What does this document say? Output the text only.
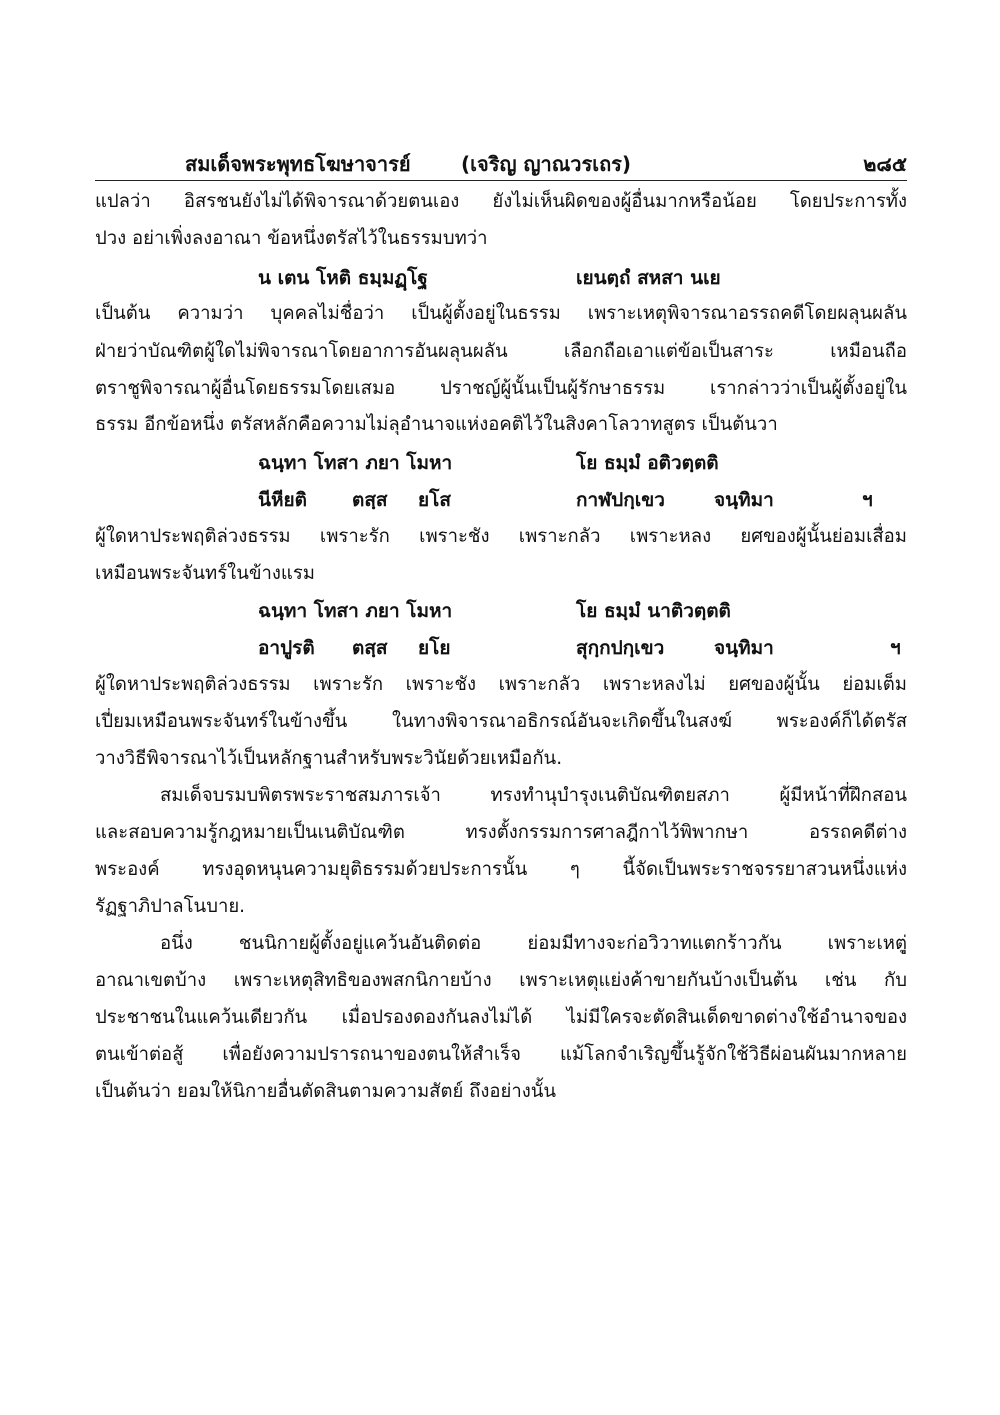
สมเด็จพระพุทธโฆษาจารย์	(เจริญ ญาณวรเถร)	๒๘๕
แปลว่า อิสรชนยังไม่ได้พิจารณาด้วยตนเอง ยังไม่เห็นผิดของผู้อื่นมากหรือน้อย โดยประการทั้ง
ปวง อย่าเพิ่งลงอาณา ข้อหนึ่งตรัสไว้ในธรรมบทว่า
น เตน โหติ ธมฺมฏฺโฐ	เยนตฺถํ สหสา นเย
เป็นต้น ความว่า บุคคลไม่ชื่อว่า เป็นผู้ตั้งอยู่ในธรรม เพราะเหตุพิจารณาอรรถคดีโดยผลุนผลัน
ฝ่ายว่าบัณฑิตผู้ใดไม่พิจารณาโดยอาการอันผลุนผลัน เลือกถือเอาแต่ข้อเป็นสาระ เหมือนถือ
ตราชูพิจารณาผู้อื่นโดยธรรมโดยเสมอ ปราชญ์ผู้นั้นเป็นผู้รักษาธรรม เรากล่าวว่าเป็นผู้ตั้งอยู่ใน
ธรรม อีกข้อหนึ่ง ตรัสหลักคือความไม่ลุอำนาจแห่งอคติไว้ในสิงคาโลวาทสูตร เป็นต้นวา
ฉนฺทา โทสา ภยา โมหา	โย ธมฺมํ อติวตฺตติ
นีหียติ ตสฺส ยโส	กาฬปกฺเขว	จนฺทิมา	ฯ
ผู้ใดหาประพฤติล่วงธรรม เพราะรัก เพราะชัง เพราะกลัว เพราะหลง ยศของผู้นั้นย่อมเสื่อม
เหมือนพระจันทร์ในข้างแรม
ฉนฺทา โทสา ภยา โมหา	โย ธมฺมํ นาติวตฺตติ
อาปูรติ ตสฺส ยโย	สุกฺกปกฺเขว	จนฺทิมา	ฯ
ผู้ใดหาประพฤติล่วงธรรม เพราะรัก เพราะชัง เพราะกลัว เพราะหลงไม่ ยศของผู้นั้น ย่อมเต็ม
เปี่ยมเหมือนพระจันทร์ในข้างขึ้น ในทางพิจารณาอธิกรณ์อันจะเกิดขึ้นในสงฆ์ พระองค์ก็ได้ตรัส
วางวิธีพิจารณาไว้เป็นหลักฐานสำหรับพระวินัยด้วยเหมือกัน.
สมเด็จบรมบพิตรพระราชสมภารเจ้า ทรงทำนุบำรุงเนติบัณฑิตยสภา ผู้มีหน้าที่ฝึกสอน
และสอบความรู้กฎหมายเป็นเนติบัณฑิต ทรงตั้งกรรมการศาลฎีกาไว้พิพากษา อรรถคดีต่าง
พระองค์ ทรงอุดหนุนความยุติธรรมด้วยประการนั้น ๆ นี้จัดเป็นพระราชจรรยาสวนหนึ่งแห่ง
รัฏฐาภิปาลโนบาย.
อนึ่ง ชนนิกายผู้ตั้งอยู่แคว้นอันติดต่อ ย่อมมีทางจะก่อวิวาทแตกร้าวกัน เพราะเหตุู่
อาณาเขตบ้าง เพราะเหตุสิทธิของพสกนิกายบ้าง เพราะเหตุแย่งค้าขายกันบ้างเป็นต้น เช่น กับ
ประชาชนในแคว้นเดียวกัน เมื่อปรองดองกันลงไม่ได้ ไม่มีใครจะตัดสินเด็ดขาดต่างใช้อำนาจของ
ตนเข้าต่อสู้ เพื่อยังความปรารถนาของตนให้สำเร็จ แม้โลกจำเริญขึ้นรู้จักใช้วิธีผ่อนผันมากหลาย
เป็นต้นว่า ยอมให้นิกายอื่นตัดสินตามความสัตย์ ถึงอย่างนั้น
